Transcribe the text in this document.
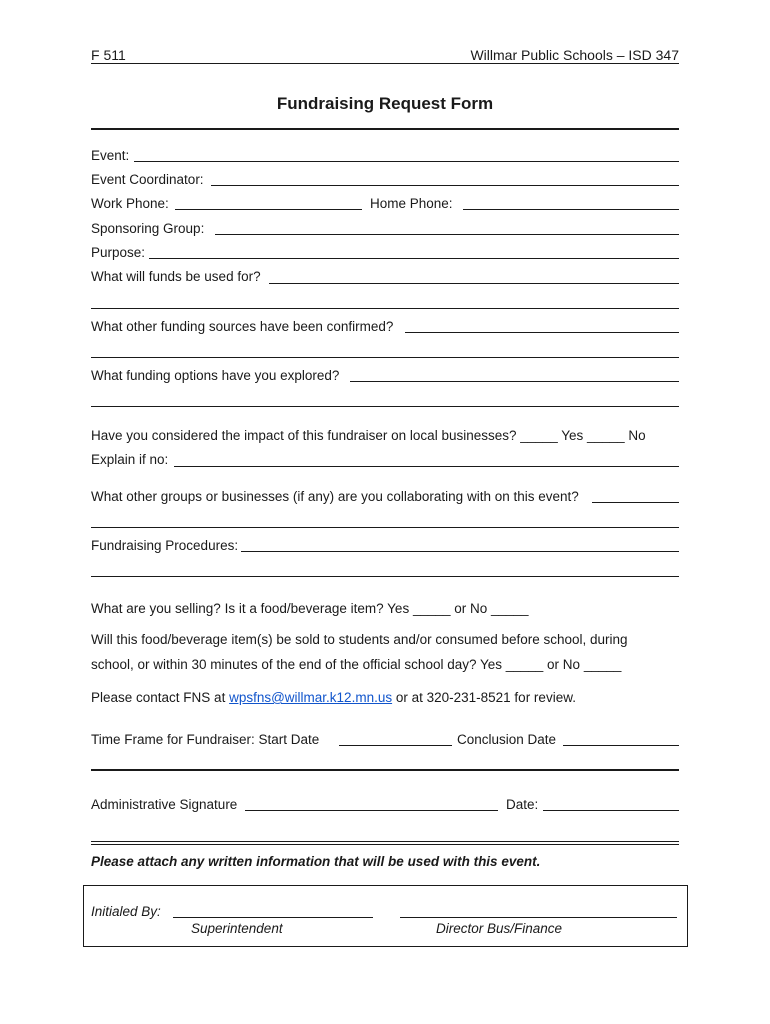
F 511	Willmar Public Schools – ISD 347
Fundraising Request Form
Event:
Event Coordinator:
Work Phone:	Home Phone:
Sponsoring Group:
Purpose:
What will funds be used for?
What other funding sources have been confirmed?
What funding options have you explored?
Have you considered the impact of this fundraiser on local businesses? _____ Yes _____ No
Explain if no:
What other groups or businesses (if any) are you collaborating with on this event?
Fundraising Procedures:
What are you selling? Is it a food/beverage item? Yes _____ or No _____
Will this food/beverage item(s) be sold to students and/or consumed before school, during
school, or within 30 minutes of the end of the official school day? Yes _____ or No _____
Please contact FNS at wpsfns@willmar.k12.mn.us or at 320-231-8521 for review.
Time Frame for Fundraiser: Start Date	Conclusion Date
Administrative Signature	Date:
Please attach any written information that will be used with this event.
Initialed By:
Superintendent	Director Bus/Finance
